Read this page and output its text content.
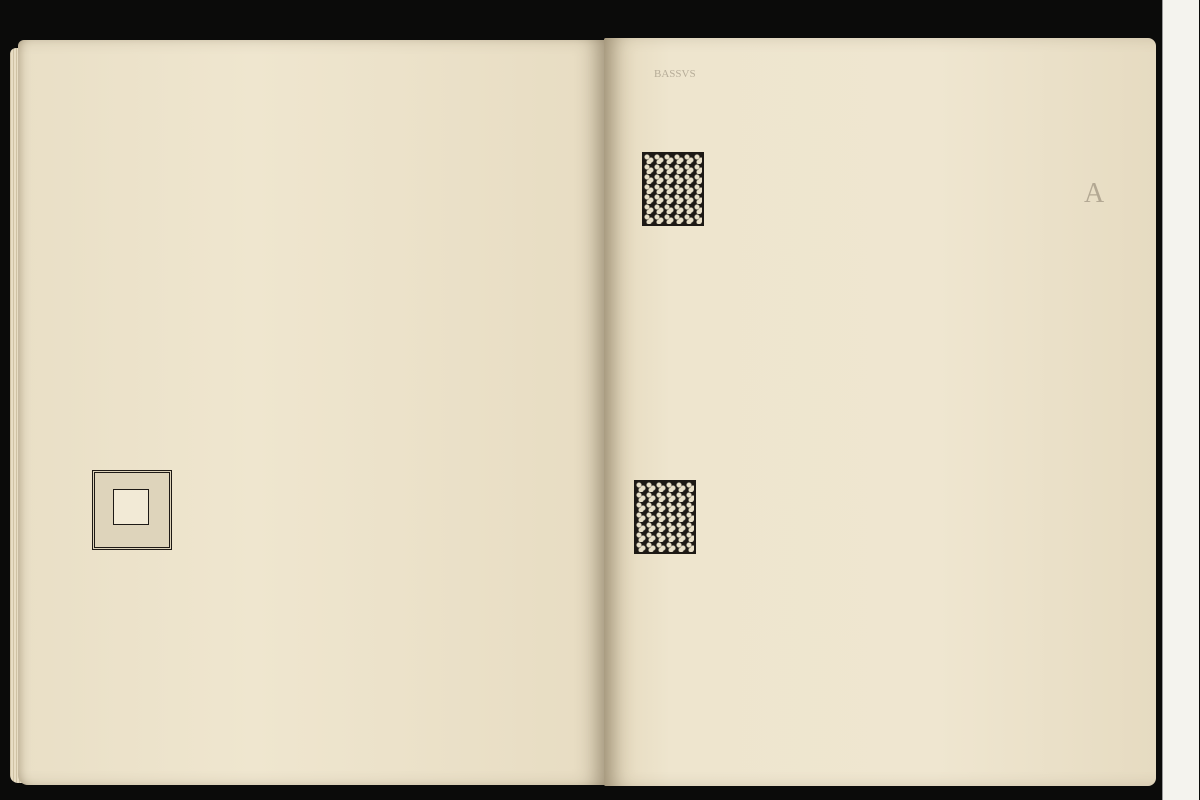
BASSVS
A
